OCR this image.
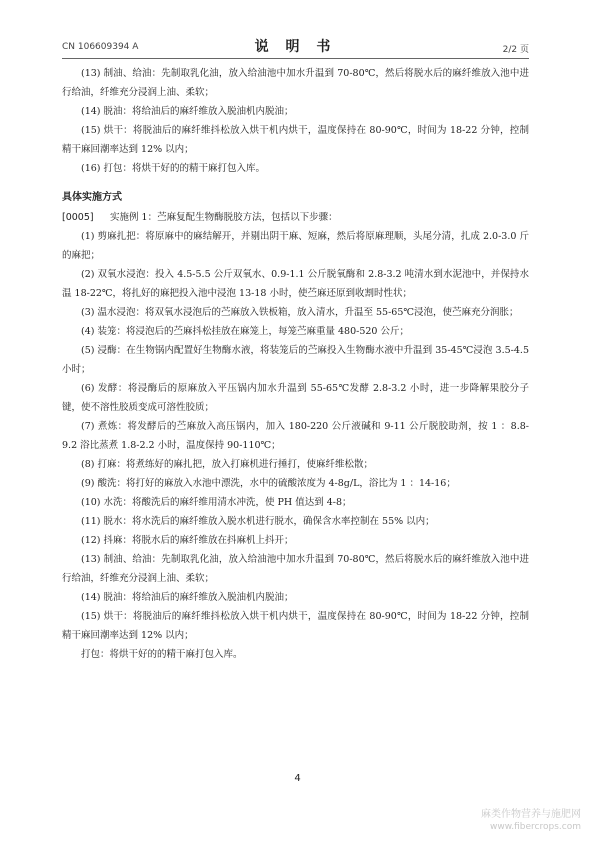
CN 106609394 A	说 明 书	2/2 页

(13) 制油、给油：先制取乳化油，放入给油池中加水升温到 70-80℃，然后将脱水后的麻纤维放入池中进行给油，纤维充分浸润上油、柔软；

(14) 脱油：将给油后的麻纤维放入脱油机内脱油；

(15) 烘干：将脱油后的麻纤维抖松放入烘干机内烘干，温度保持在 80-90℃，时间为 18-22 分钟，控制精干麻回潮率达到 12% 以内；

(16) 打包：将烘干好的的精干麻打包入库。

具体实施方式

[0005] 实施例 1：苎麻复配生物酶脱胶方法，包括以下步骤：

(1) 剪麻扎把：将原麻中的麻结解开，并剔出阴干麻、短麻，然后将原麻理顺，头尾分清，扎成 2.0-3.0 斤的麻把；

(2) 双氧水浸泡：投入 4.5-5.5 公斤双氧水、0.9-1.1 公斤脱氧酶和 2.8-3.2 吨清水到水泥池中，并保持水温 18-22℃，将扎好的麻把投入池中浸泡 13-18 小时，使苎麻还原到收割时性状；

(3) 温水浸泡：将双氧水浸泡后的苎麻放入铁板箱，放入清水，升温至 55-65℃浸泡，使苎麻充分润胀；

(4) 装笼：将浸泡后的苎麻抖松挂放在麻笼上，每笼苎麻重量 480-520 公斤；

(5) 浸酶：在生物锅内配置好生物酶水液，将装笼后的苎麻投入生物酶水液中升温到 35-45℃浸泡 3.5-4.5 小时；

(6) 发酵：将浸酶后的原麻放入平压锅内加水升温到 55-65℃发酵 2.8-3.2 小时，进一步降解果胶分子键，使不溶性胶质变成可溶性胶质；

(7) 煮炼：将发酵后的苎麻放入高压锅内，加入 180-220 公斤液碱和 9-11 公斤脱胶助剂，按 1 ：8.8-9.2 浴比蒸煮 1.8-2.2 小时，温度保持 90-110℃；

(8) 打麻：将煮练好的麻扎把，放入打麻机进行捶打，使麻纤维松散；

(9) 酸洗：将打好的麻放入水池中漂洗，水中的硫酸浓度为 4-8g/L，浴比为 1 ：14-16；

(10) 水洗：将酸洗后的麻纤维用清水冲洗，使 PH 值达到 4-8；

(11) 脱水：将水洗后的麻纤维放入脱水机进行脱水，确保含水率控制在 55% 以内；

(12) 抖麻：将脱水后的麻纤维放在抖麻机上抖开；

(13) 制油、给油：先制取乳化油，放入给油池中加水升温到 70-80℃，然后将脱水后的麻纤维放入池中进行给油，纤维充分浸润上油、柔软；

(14) 脱油：将给油后的麻纤维放入脱油机内脱油；

(15) 烘干：将脱油后的麻纤维抖松放入烘干机内烘干，温度保持在 80-90℃，时间为 18-22 分钟，控制精干麻回潮率达到 12% 以内；

打包：将烘干好的的精干麻打包入库。

4
麻类作物营养与施肥网
www.fibercrops.com
